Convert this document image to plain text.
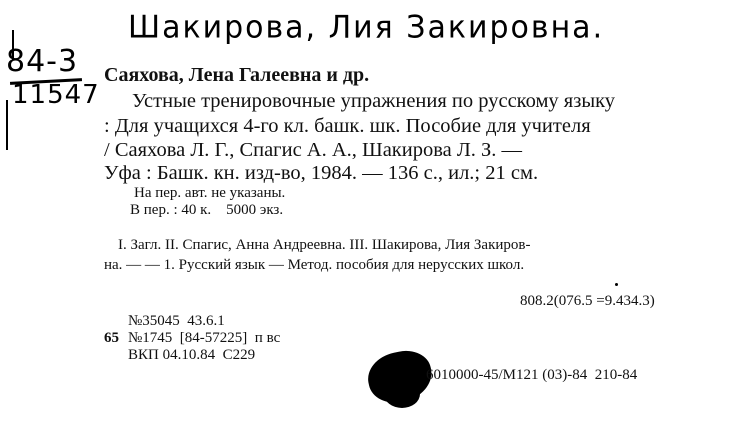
Шакирова, Лия Закировна.
84-3
11547
Саяхова, Лена Галеевна и др.
Устные тренировочные упражнения по русскому языку
: Для учащихся 4-го кл. башк. шк. Пособие для учителя
/ Саяхова Л. Г., Спагис А. А., Шакирова Л. З. —
Уфа : Башк. кн. изд-во, 1984. — 136 с., ил.; 21 см.
На пер. авт. не указаны.
В пер. : 40 к.    5000 экз.
I. Загл. II. Спагис, Анна Андреевна. III. Шакирова, Лия Закиров-
на. — — 1. Русский язык — Метод. пособия для нерусских школ.
808.2(076.5 =9.434.3)
№35045  43.6.1
65 №1745  [84-57225]  п вс
ВКП 04.10.84  С229
6010000-45/М121 (03)-84  210-84
